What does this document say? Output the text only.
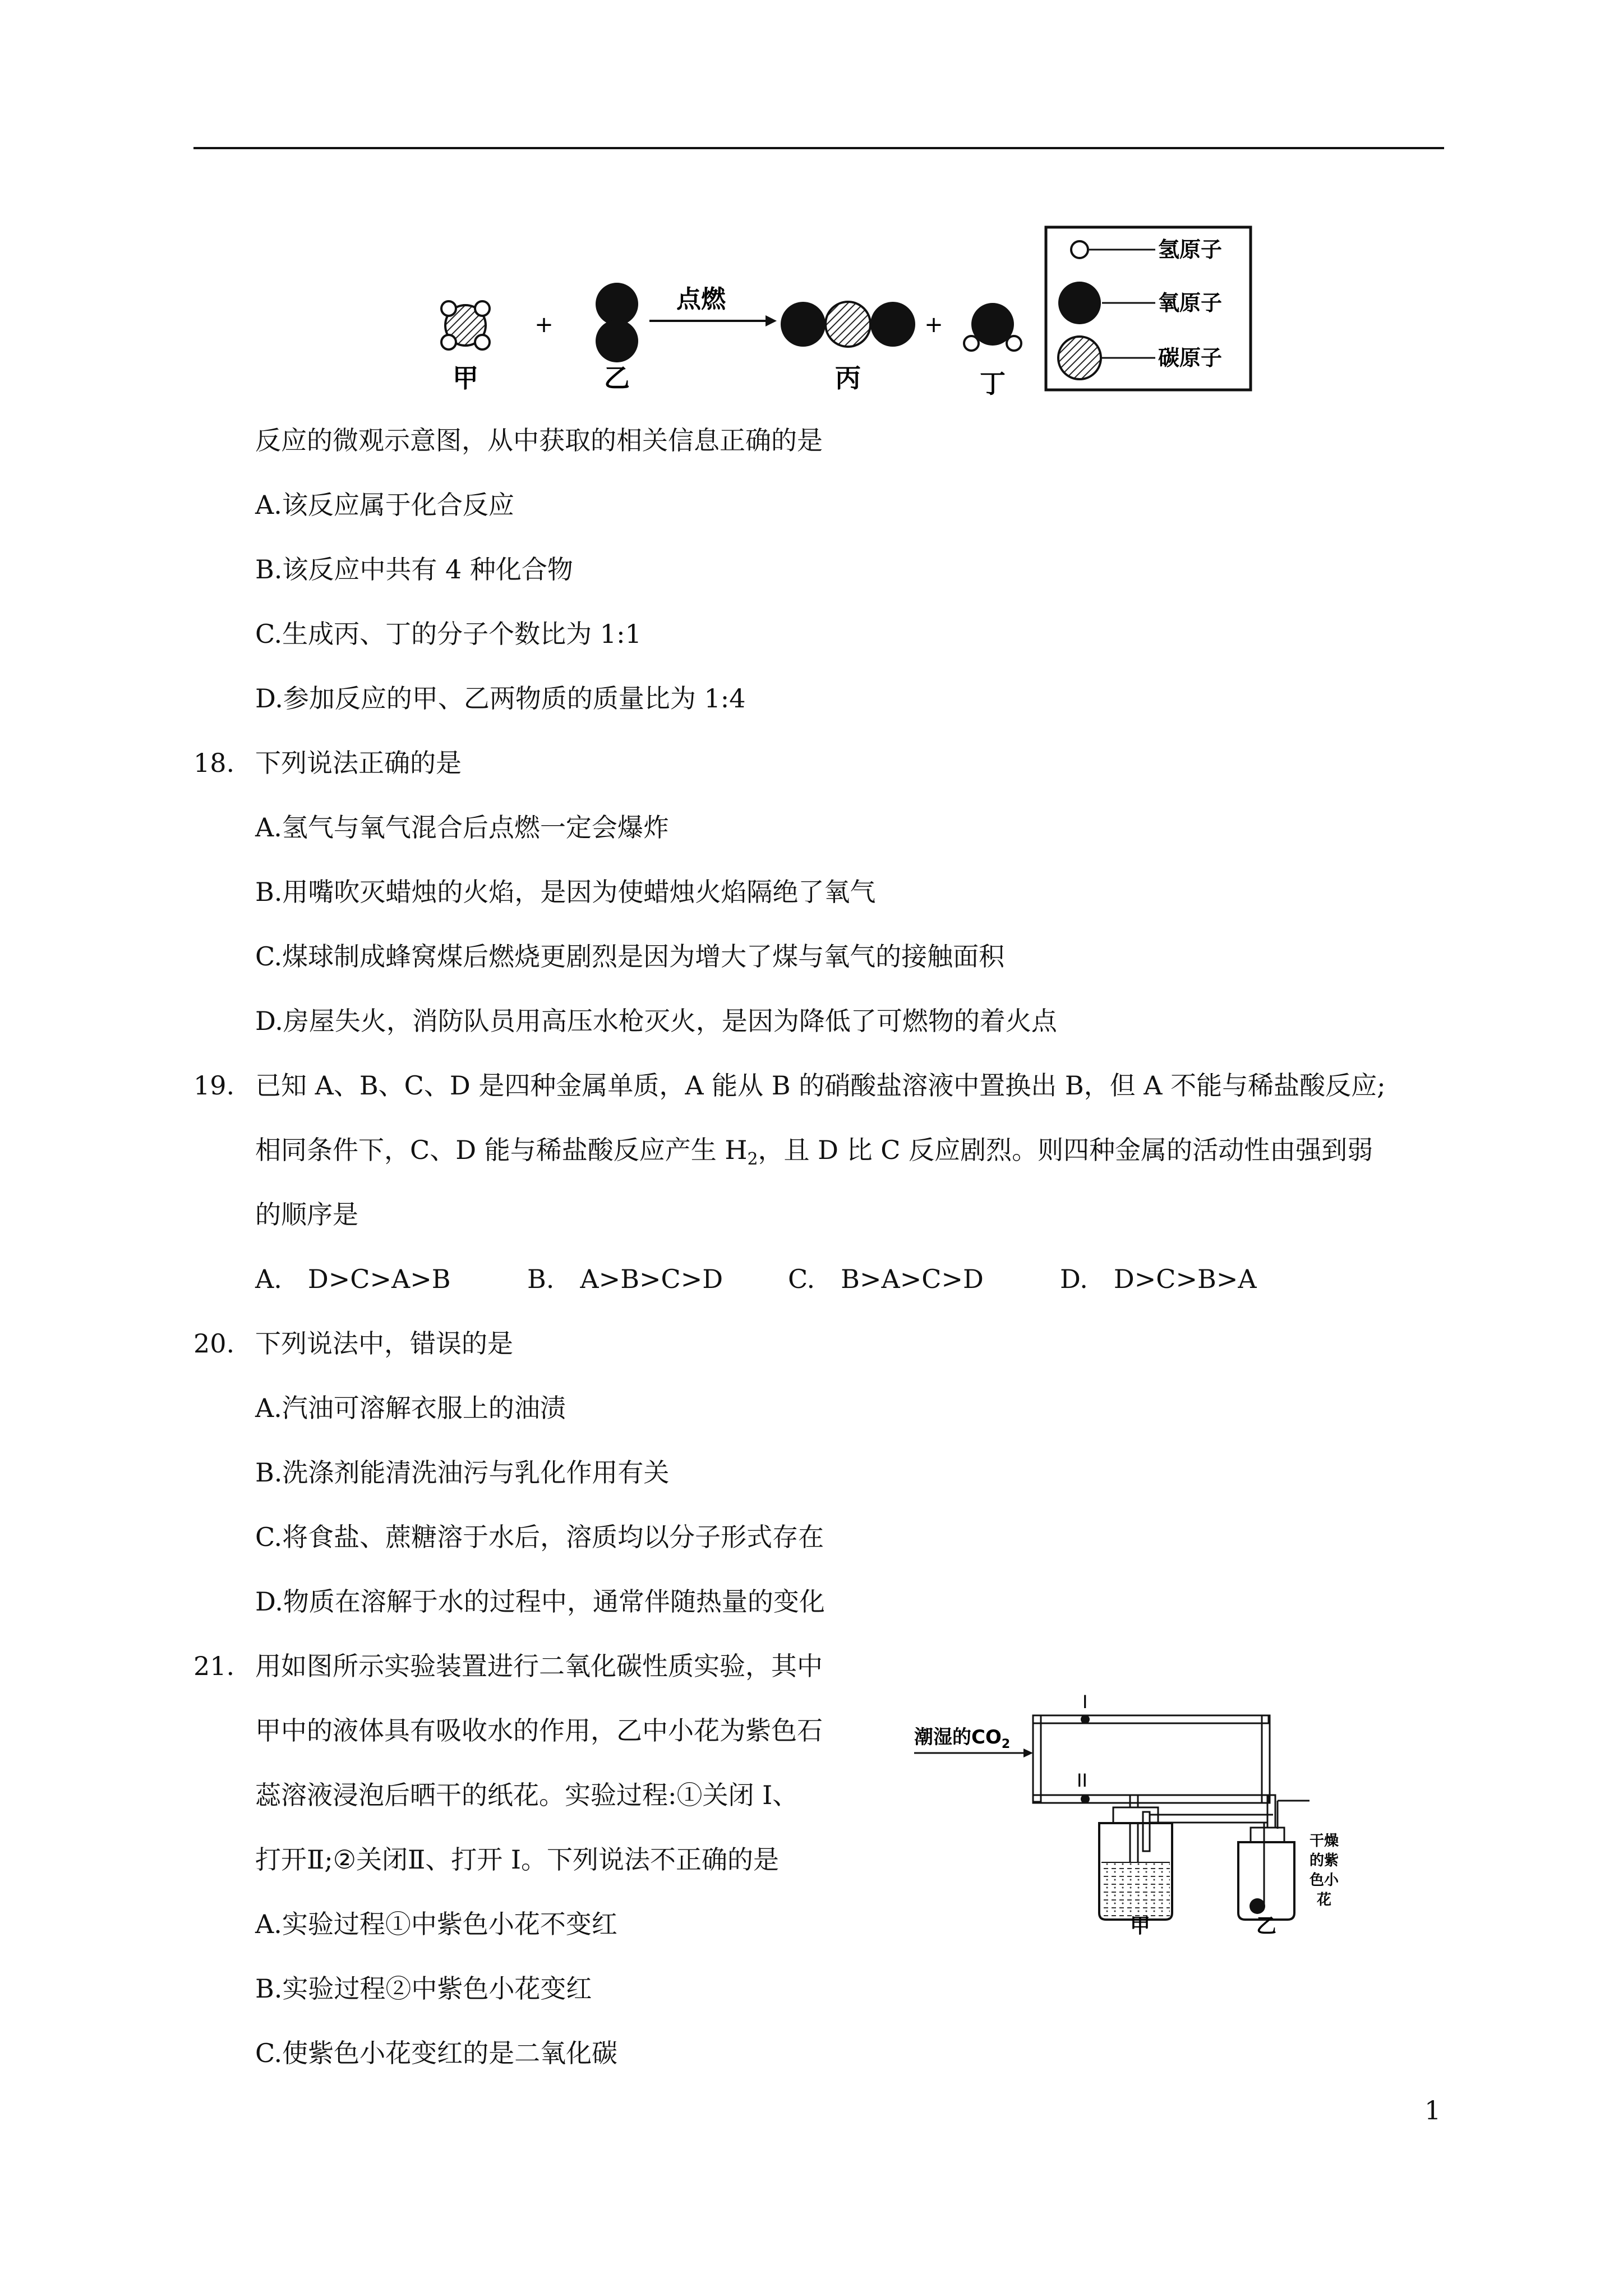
+
点燃
+
甲	乙	丙	丁
氢原子
氧原子
碳原子
反应的微观示意图，从中获取的相关信息正确的是
A.该反应属于化合反应
B.该反应中共有 4 种化合物
C.生成丙、丁的分子个数比为 1:1
D.参加反应的甲、乙两物质的质量比为 1:4
18. 下列说法正确的是
A.氢气与氧气混合后点燃一定会爆炸
B.用嘴吹灭蜡烛的火焰，是因为使蜡烛火焰隔绝了氧气
C.煤球制成蜂窝煤后燃烧更剧烈是因为增大了煤与氧气的接触面积
D.房屋失火，消防队员用高压水枪灭火，是因为降低了可燃物的着火点
19. 已知 A、B、C、D 是四种金属单质，A 能从 B 的硝酸盐溶液中置换出 B，但 A 不能与稀盐酸反应;
相同条件下，C、D 能与稀盐酸反应产生 $H_2$，且 D 比 C 反应剧烈。则四种金属的活动性由强到弱
的顺序是
A.　D>C>A>B	B.　A>B>C>D	C.　B>A>C>D	D.　D>C>B>A
20. 下列说法中，错误的是
A.汽油可溶解衣服上的油渍
B.洗涤剂能清洗油污与乳化作用有关
C.将食盐、蔗糖溶于水后，溶质均以分子形式存在
D.物质在溶解于水的过程中，通常伴随热量的变化
21. 用如图所示实验装置进行二氧化碳性质实验，其中
甲中的液体具有吸收水的作用，乙中小花为紫色石
蕊溶液浸泡后晒干的纸花。实验过程:①关闭 I、
打开Ⅱ;②关闭Ⅱ、打开 I。下列说法不正确的是
A.实验过程①中紫色小花不变红
B.实验过程②中紫色小花变红
C.使紫色小花变红的是二氧化碳
潮湿的$CO_2$
I
II
干燥
的紫
色小
花
甲	乙
1
